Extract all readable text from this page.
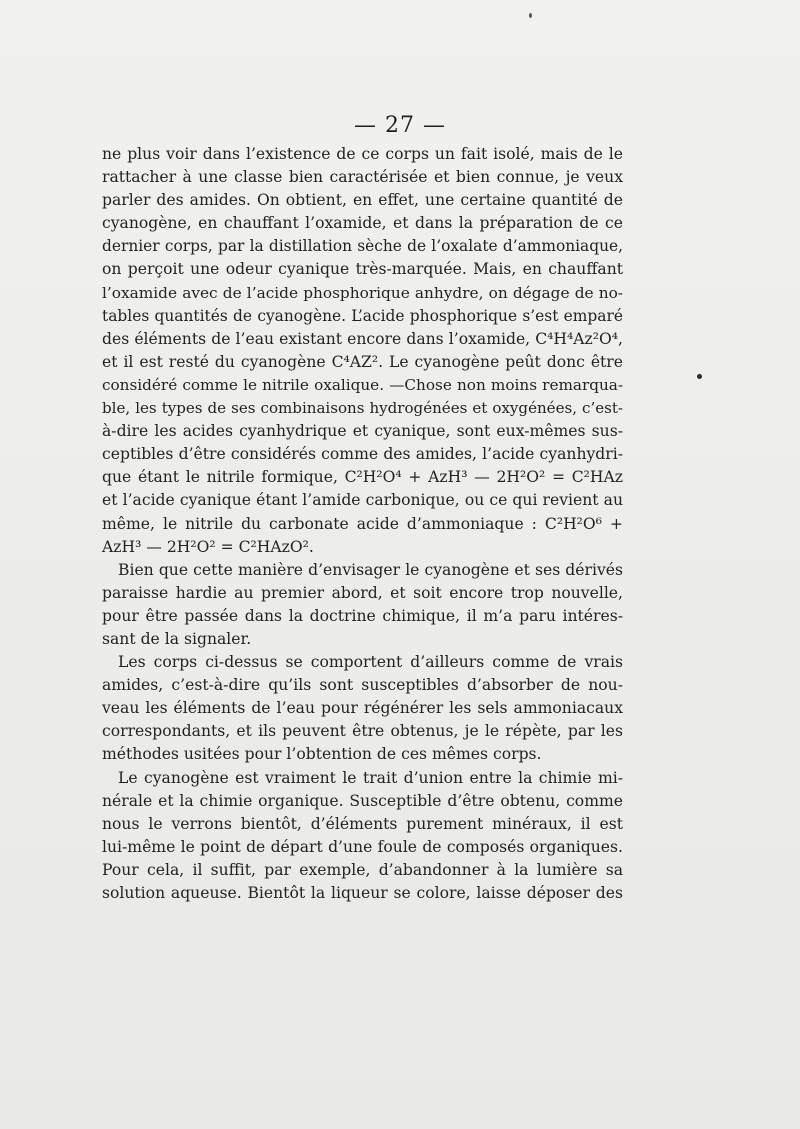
— 27 —
ne plus voir dans l’existence de ce corps un fait isolé, mais de le
rattacher à une classe bien caractérisée et bien connue, je veux
parler des amides. On obtient, en effet, une certaine quantité de
cyanogène, en chauffant l’oxamide, et dans la préparation de ce
dernier corps, par la distillation sèche de l’oxalate d’ammoniaque,
on perçoit une odeur cyanique très-marquée. Mais, en chauffant
l’oxamide avec de l’acide phosphorique anhydre, on dégage de no-
tables quantités de cyanogène. L’acide phosphorique s’est emparé
des éléments de l’eau existant encore dans l’oxamide, C⁴H⁴Az²O⁴,
et il est resté du cyanogène C⁴AZ². Le cyanogène peût donc être
considéré comme le nitrile oxalique. —Chose non moins remarqua-
ble, les types de ses combinaisons hydrogénées et oxygénées, c’est-
à-dire les acides cyanhydrique et cyanique, sont eux-mêmes sus-
ceptibles d’être considérés comme des amides, l’acide cyanhydri-
que étant le nitrile formique, C²H²O⁴ + AzH³ — 2H²O² = C²HAz
et l’acide cyanique étant l’amide carbonique, ou ce qui revient au
même, le nitrile du carbonate acide d’ammoniaque : C²H²O⁶ +
AzH³ — 2H²O² = C²HAzO².
Bien que cette manière d’envisager le cyanogène et ses dérivés
paraisse hardie au premier abord, et soit encore trop nouvelle,
pour être passée dans la doctrine chimique, il m’a paru intéres-
sant de la signaler.
Les corps ci-dessus se comportent d’ailleurs comme de vrais
amides, c’est-à-dire qu’ils sont susceptibles d’absorber de nou-
veau les éléments de l’eau pour régénérer les sels ammoniacaux
correspondants, et ils peuvent être obtenus, je le répète, par les
méthodes usitées pour l’obtention de ces mêmes corps.
Le cyanogène est vraiment le trait d’union entre la chimie mi-
nérale et la chimie organique. Susceptible d’être obtenu, comme
nous le verrons bientôt, d’éléments purement minéraux, il est
lui-même le point de départ d’une foule de composés organiques.
Pour cela, il suffit, par exemple, d’abandonner à la lumière sa
solution aqueuse. Bientôt la liqueur se colore, laisse déposer des
